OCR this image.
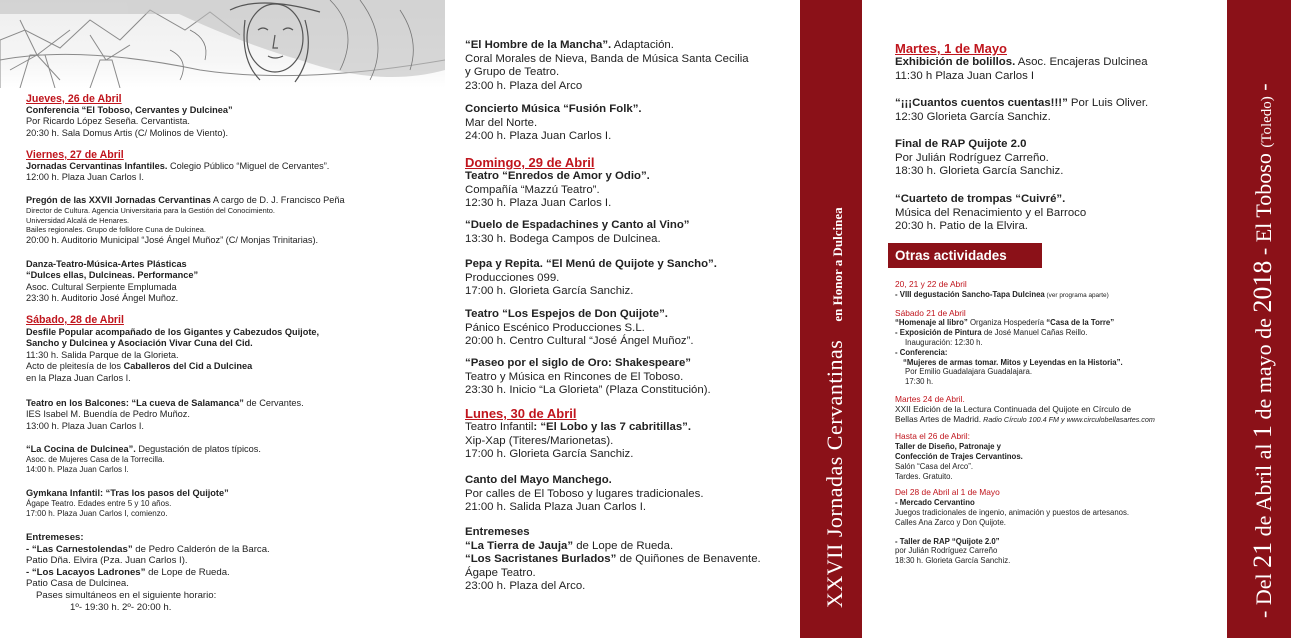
Jueves, 26 de Abril

Conferencia “El Toboso, Cervantes y Dulcinea”

Por Ricardo López Seseña. Cervantista.

20:30 h. Sala Domus Artis (C/ Molinos de Viento).

Viernes, 27 de Abril

Jornadas Cervantinas Infantiles. Colegio Público “Miguel de Cervantes”.

12:00 h. Plaza Juan Carlos I.

Pregón de las XXVII Jornadas Cervantinas A cargo de D. J. Francisco Peña

Director de Cultura. Agencia Universitaria para la Gestión del Conocimiento.

Universidad Alcalá de Henares.

Bailes regionales. Grupo de folklore Cuna de Dulcinea.

20:00 h. Auditorio Municipal “José Ángel Muñoz” (C/ Monjas Trinitarias).

Danza-Teatro-Música-Artes Plásticas

“Dulces ellas, Dulcineas. Performance”

Asoc. Cultural Serpiente Emplumada

23:30 h. Auditorio José Ángel Muñoz.

Sábado, 28 de Abril

Desfile Popular acompañado de los Gigantes y Cabezudos Quijote,

Sancho y Dulcinea y Asociación Vivar Cuna del Cid.

11:30 h. Salida Parque de la Glorieta.

Acto de pleitesía de los Caballeros del Cid a Dulcinea

en la Plaza Juan Carlos I.

Teatro en los Balcones: “La cueva de Salamanca” de Cervantes.

IES Isabel M. Buendía de Pedro Muñoz.

13:00 h. Plaza Juan Carlos I.

“La Cocina de Dulcinea”. Degustación de platos típicos.

Asoc. de Mujeres Casa de la Torrecilla.

14:00 h. Plaza Juan Carlos I.

Gymkana Infantil: “Tras los pasos del Quijote”

Ágape Teatro. Edades entre 5 y 10 años.

17:00 h. Plaza Juan Carlos I, comienzo.

Entremeses:

- “Las Carnestolendas” de Pedro Calderón de la Barca.

Patio Dña. Elvira (Pza. Juan Carlos I).

- “Los Lacayos Ladrones” de Lope de Rueda.

Patio Casa de Dulcinea.

Pases simultáneos en el siguiente horario:

1º- 19:30 h. 2º- 20:00 h.

“El Hombre de la Mancha”. Adaptación.

Coral Morales de Nieva, Banda de Música Santa Cecilia

y Grupo de Teatro.

23:00 h. Plaza del Arco

Concierto Música “Fusión Folk”.

Mar del Norte.

24:00 h. Plaza Juan Carlos I.

Domingo, 29 de Abril

Teatro “Enredos de Amor y Odio”.

Compañía “Mazzú Teatro”.

12:30 h. Plaza Juan Carlos I.

“Duelo de Espadachines y Canto al Vino”

13:30 h. Bodega Campos de Dulcinea.

Pepa y Repita. “El Menú de Quijote y Sancho”.

Producciones 099.

17:00 h. Glorieta García Sanchiz.

Teatro “Los Espejos de Don Quijote”.

Pánico Escénico Producciones S.L.

20:00 h. Centro Cultural “José Ángel Muñoz”.

“Paseo por el siglo de Oro: Shakespeare”

Teatro y Música en Rincones de El Toboso.

23:30 h. Inicio “La Glorieta” (Plaza Constitución).

Lunes, 30 de Abril

Teatro Infantil: “El Lobo y las 7 cabritillas”.

Xip-Xap (Titeres/Marionetas).

17:00 h. Glorieta García Sanchiz.

Canto del Mayo Manchego.

Por calles de El Toboso y lugares tradicionales.

21:00 h. Salida Plaza Juan Carlos I.

Entremeses

“La Tierra de Jauja” de Lope de Rueda.

“Los Sacristanes Burlados” de Quiñones de Benavente.

Ágape Teatro.

23:00 h. Plaza del Arco.	XXVII Jornadas Cervantinas   en Honor a Dulcinea

Martes, 1 de Mayo

Exhibición de bolillos. Asoc. Encajeras Dulcinea

11:30 h Plaza Juan Carlos I

“¡¡¡Cuantos cuentos cuentas!!!” Por Luis Oliver.

12:30 Glorieta García Sanchiz.

Final de RAP Quijote 2.0

Por Julián Rodríguez Carreño.

18:30 h. Glorieta García Sanchiz.

“Cuarteto de trompas “Cuivré”.

Música del Renacimiento y el Barroco

20:30 h. Patio de la Elvira.

Otras actividades

20, 21 y 22 de Abril

- VIII degustación Sancho-Tapa Dulcinea (ver programa aparte)

Sábado 21 de Abril

“Homenaje al libro” Organiza Hospedería “Casa de la Torre”

- Exposición de Pintura de José Manuel Cañas Reillo.

Inauguración: 12:30 h.

- Conferencia:

“Mujeres de armas tomar. Mitos y Leyendas en la Historia”.

Por Emilio Guadalajara Guadalajara.

17:30 h.

Martes 24 de Abril.

XXII Edición de la Lectura Continuada del Quijote en Círculo de

Bellas Artes de Madrid. Radio Círculo 100.4 FM y www.circulobellasartes.com

Hasta el 26 de Abril:

Taller de Diseño, Patronaje y

Confección de Trajes Cervantinos.

Salón “Casa del Arco”.

Tardes. Gratuito.

Del 28 de Abril al 1 de Mayo

- Mercado Cervantino

Juegos tradicionales de ingenio, animación y puestos de artesanos.

Calles Ana Zarco y Don Quijote.

- Taller de RAP “Quijote 2.0”

por Julián Rodríguez Carreño

18:30 h. Glorieta García Sanchiz.

- Del 21 de Abril al 1 de mayo de 2018 - El Toboso (Toledo) -
